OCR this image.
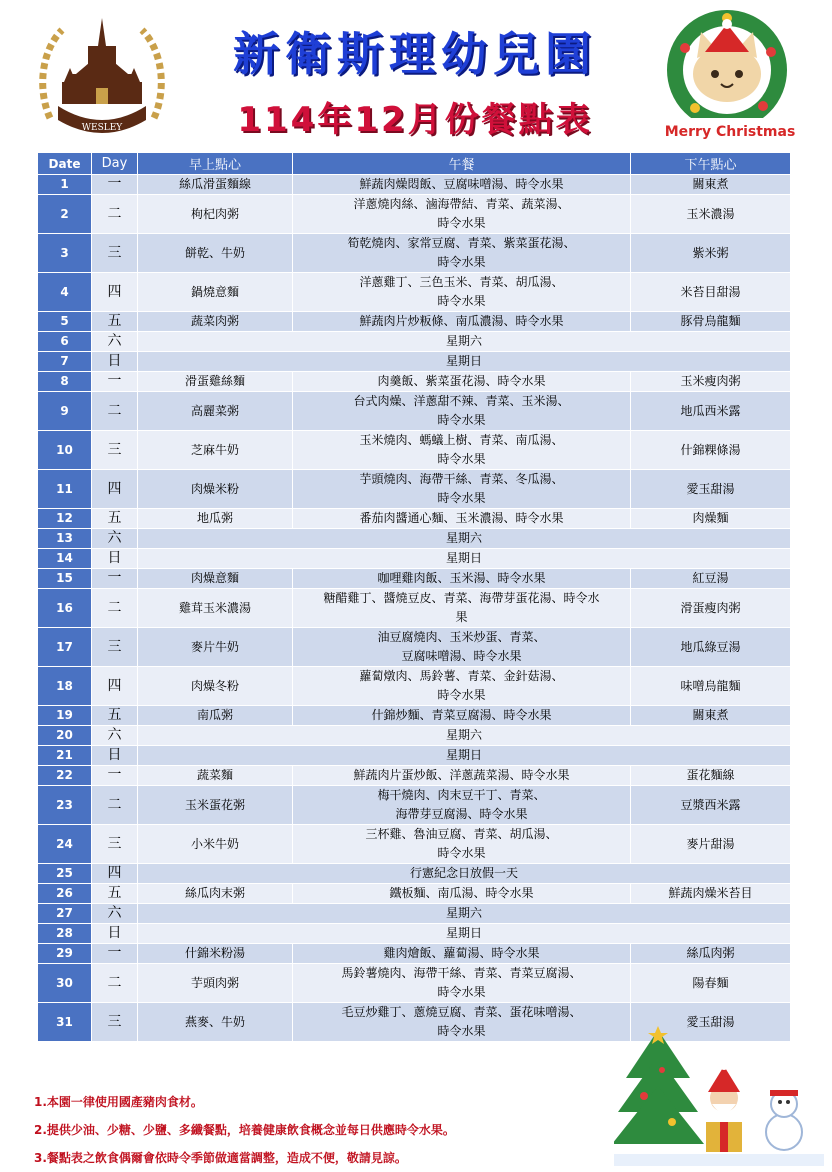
NEW
WESLEY
新衛斯理幼兒園
114年12月份餐點表	Merry Christmas
Date	Day	早上點心	午餐	下午點心
1	一	絲瓜滑蛋麵線	鮮蔬肉燥悶飯、豆腐味噌湯、時令水果	關東煮
2	二	枸杞肉粥	洋蔥燒肉絲、滷海帶結、青菜、蔬菜湯、
時令水果	玉米濃湯
3	三	餅乾、牛奶	筍乾燒肉、家常豆腐、青菜、紫菜蛋花湯、
時令水果	紫米粥
4	四	鍋燒意麵	洋蔥雞丁、三色玉米、青菜、胡瓜湯、
時令水果	米苔目甜湯
5	五	蔬菜肉粥	鮮蔬肉片炒粄條、南瓜濃湯、時令水果	豚骨烏龍麵
6	六	星期六		
7	日	星期日		
8	一	滑蛋雞絲麵	肉羹飯、紫菜蛋花湯、時令水果	玉米瘦肉粥
9	二	高麗菜粥	台式肉燥、洋蔥甜不辣、青菜、玉米湯、
時令水果	地瓜西米露
10	三	芝麻牛奶	玉米燒肉、螞蟻上樹、青菜、南瓜湯、
時令水果	什錦粿條湯
11	四	肉燥米粉	芋頭燒肉、海帶干絲、青菜、冬瓜湯、
時令水果	愛玉甜湯
12	五	地瓜粥	番茄肉醬通心麵、玉米濃湯、時令水果	肉燥麵
13	六	星期六		
14	日	星期日		
15	一	肉燥意麵	咖哩雞肉飯、玉米湯、時令水果	紅豆湯
16	二	雞茸玉米濃湯	糖醋雞丁、醬燒豆皮、青菜、海帶芽蛋花湯、時令水
果	滑蛋瘦肉粥
17	三	麥片牛奶	油豆腐燒肉、玉米炒蛋、青菜、
豆腐味噌湯、時令水果	地瓜綠豆湯
18	四	肉燥冬粉	蘿蔔燉肉、馬鈴薯、青菜、金針菇湯、
時令水果	味噌烏龍麵
19	五	南瓜粥	什錦炒麵、青菜豆腐湯、時令水果	關東煮
20	六	星期六		
21	日	星期日		
22	一	蔬菜麵	鮮蔬肉片蛋炒飯、洋蔥蔬菜湯、時令水果	蛋花麵線
23	二	玉米蛋花粥	梅干燒肉、肉末豆干丁、青菜、
海帶芽豆腐湯、時令水果	豆漿西米露
24	三	小米牛奶	三杯雞、魯油豆腐、青菜、胡瓜湯、
時令水果	麥片甜湯
25	四	行憲紀念日放假一天		
26	五	絲瓜肉末粥	鐵板麵、南瓜湯、時令水果	鮮蔬肉燥米苔目
27	六	星期六		
28	日	星期日		
29	一	什錦米粉湯	雞肉燴飯、蘿蔔湯、時令水果	絲瓜肉粥
30	二	芋頭肉粥	馬鈴薯燒肉、海帶干絲、青菜、青菜豆腐湯、
時令水果	陽春麵
31	三	燕麥、牛奶	毛豆炒雞丁、蔥燒豆腐、青菜、蛋花味噌湯、
時令水果	愛玉甜湯
1.本園一律使用國產豬肉食材。
2.提供少油、少糖、少鹽、多纖餐點，培養健康飲食概念並每日供應時令水果。
3.餐點表之飲食偶爾會依時令季節做適當調整，造成不便，敬請見諒。
